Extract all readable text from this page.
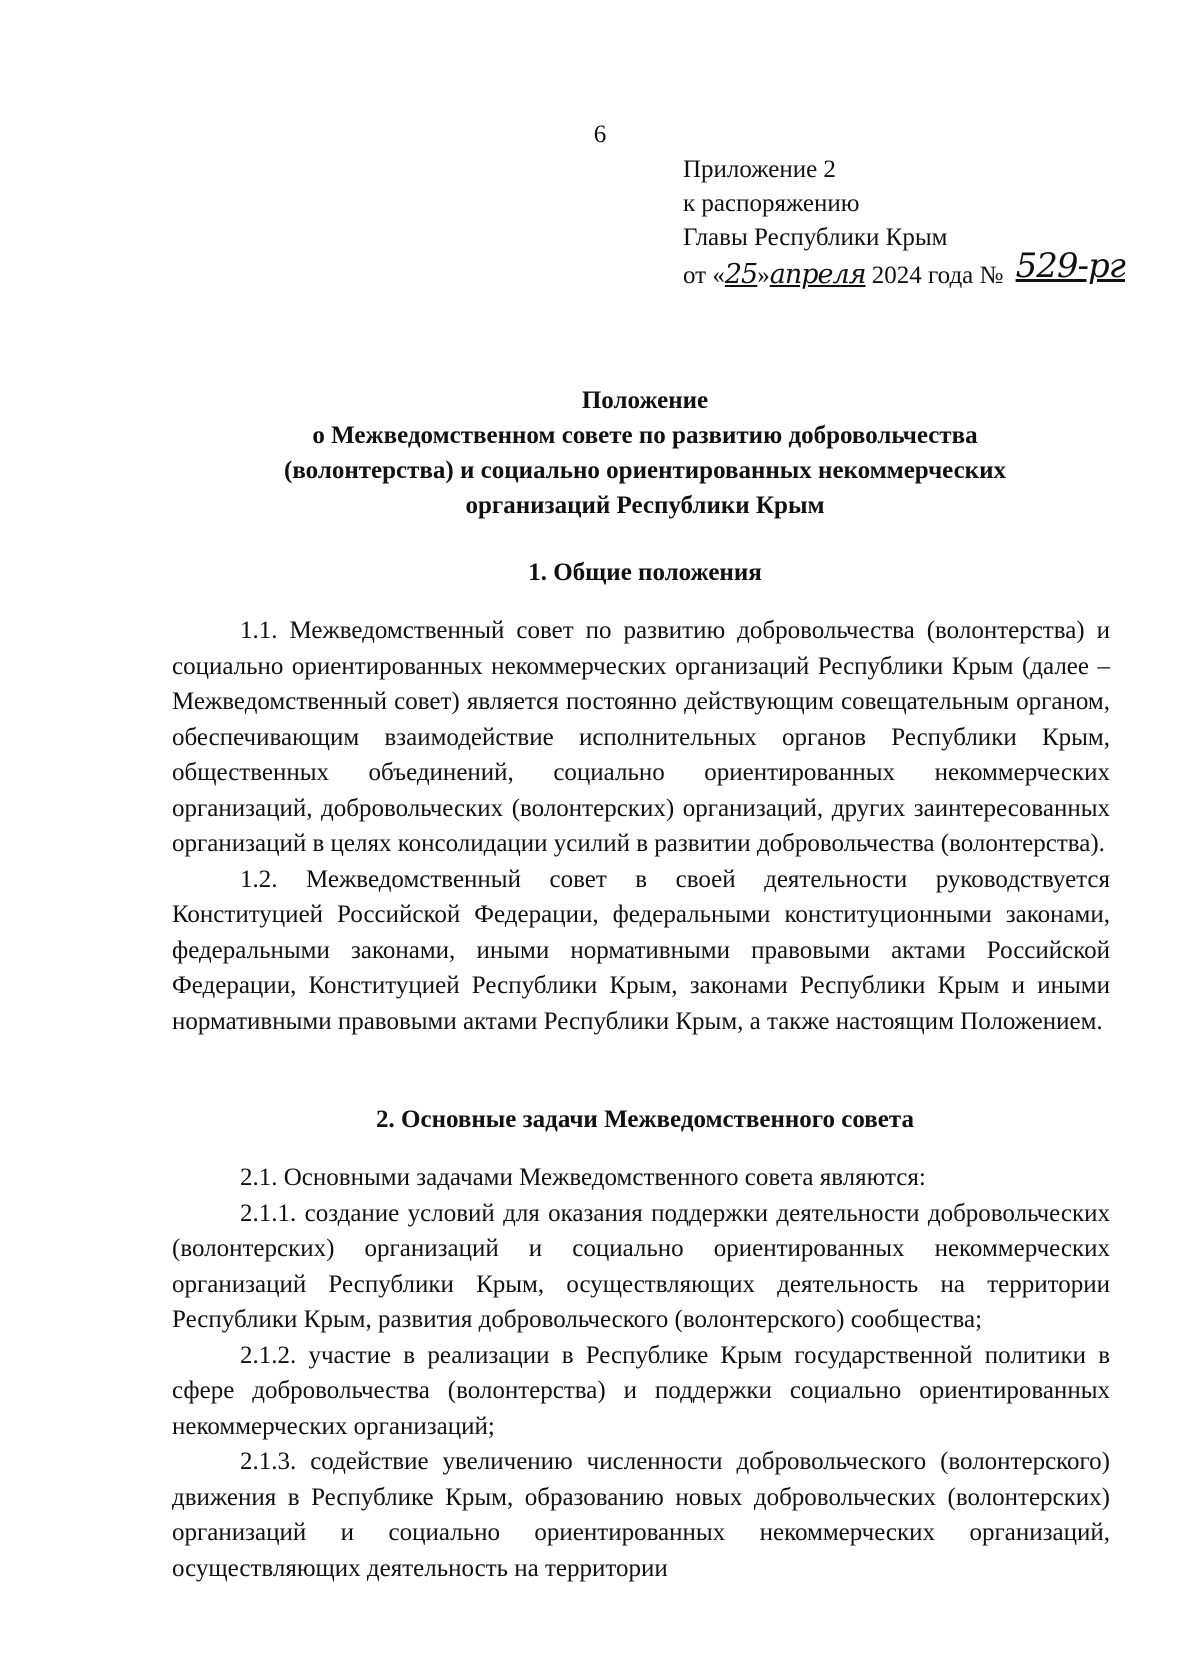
6
Приложение 2
к распоряжению
Главы Республики Крым
от «25»апреля 2024 года № 529-рг
Положение
о Межведомственном совете по развитию добровольчества
(волонтерства) и социально ориентированных некоммерческих
организаций Республики Крым
1. Общие положения

1.1. Межведомственный совет по развитию добровольчества (волонтерства) и социально ориентированных некоммерческих организаций Республики Крым (далее – Межведомственный совет) является постоянно действующим совещательным органом, обеспечивающим взаимодействие исполнительных органов Республики Крым, общественных объединений, социально ориентированных некоммерческих организаций, добровольческих (волонтерских) организаций, других заинтересованных организаций в целях консолидации усилий в развитии добровольчества (волонтерства).

1.2. Межведомственный совет в своей деятельности руководствуется Конституцией Российской Федерации, федеральными конституционными законами, федеральными законами, иными нормативными правовыми актами Российской Федерации, Конституцией Республики Крым, законами Республики Крым и иными нормативными правовыми актами Республики Крым, а также настоящим Положением.

2. Основные задачи Межведомственного совета

2.1. Основными задачами Межведомственного совета являются:

2.1.1. создание условий для оказания поддержки деятельности добровольческих (волонтерских) организаций и социально ориентированных некоммерческих организаций Республики Крым, осуществляющих деятельность на территории Республики Крым, развития добровольческого (волонтерского) сообщества;

2.1.2. участие в реализации в Республике Крым государственной политики в сфере добровольчества (волонтерства) и поддержки социально ориентированных некоммерческих организаций;

2.1.3. содействие увеличению численности добровольческого (волонтерского) движения в Республике Крым, образованию новых добровольческих (волонтерских) организаций и социально ориентированных некоммерческих организаций, осуществляющих деятельность на территории
